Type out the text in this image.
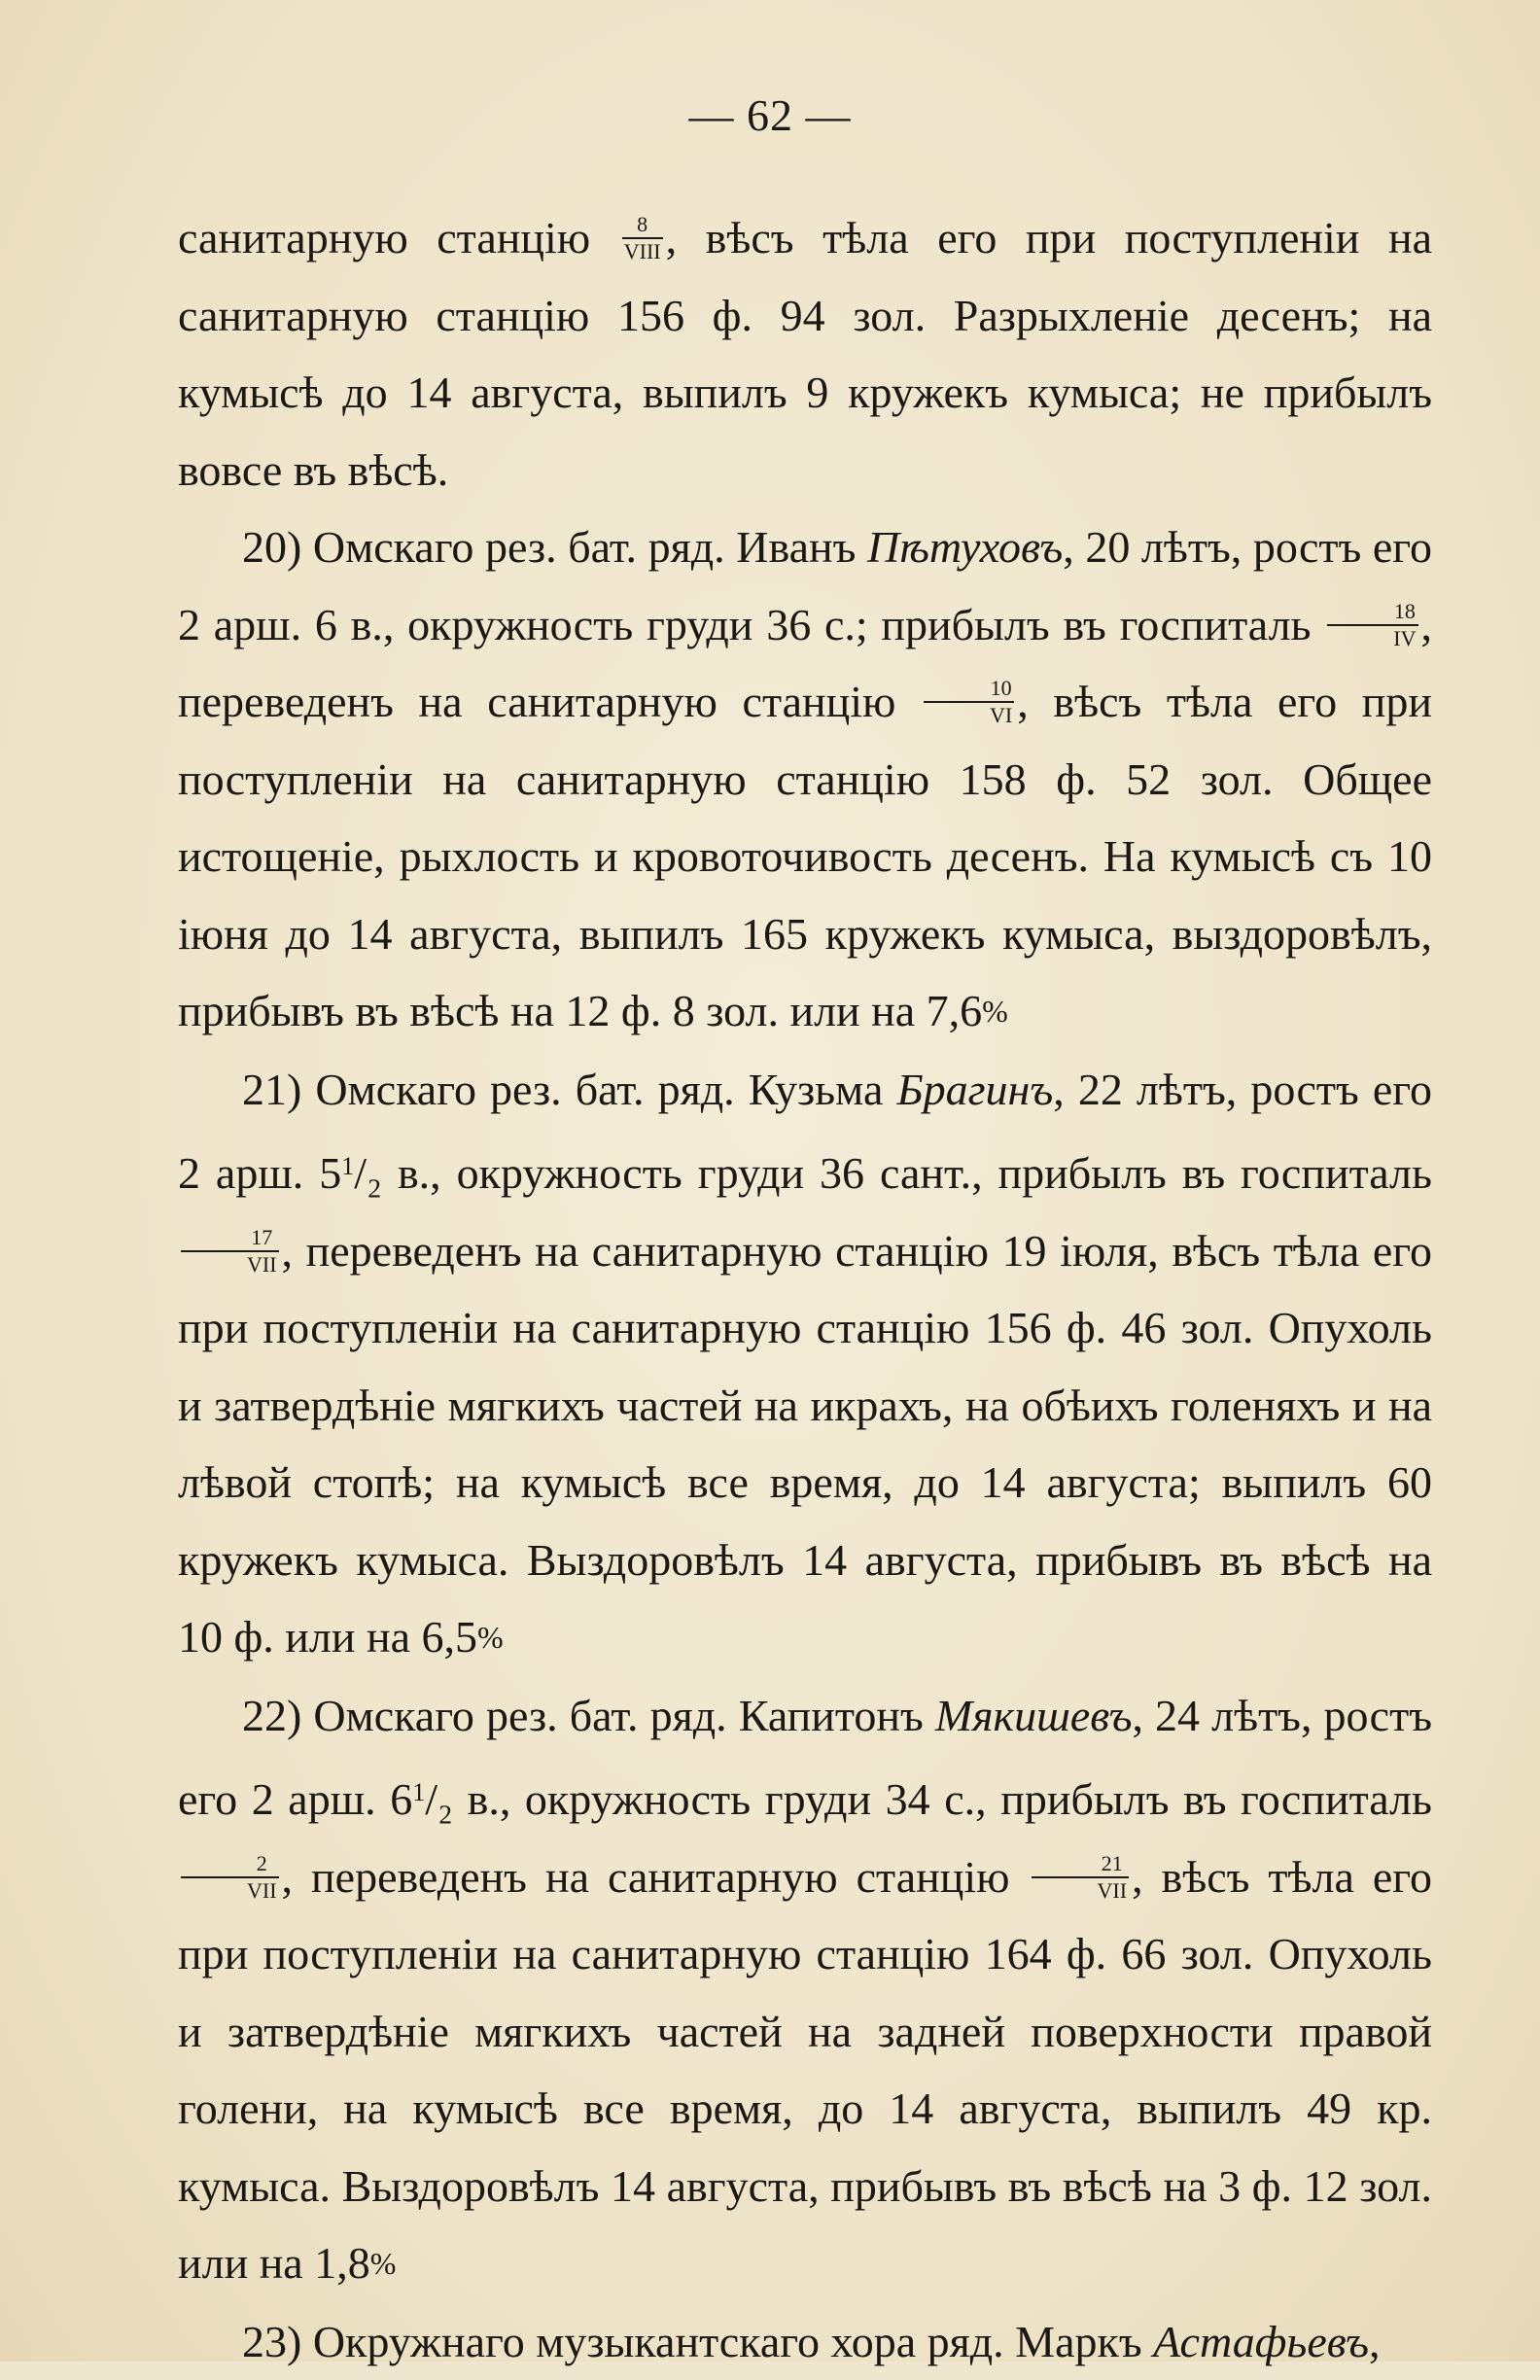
— 62 —

санитарную станцію $\frac{8}{\text{VIII}}$ , вѣсъ тѣла его при поступленіи на санитарную станцію 156 ф. 94 зол. Разрыхленіе десенъ; на кумысѣ до 14 августа, выпилъ 9 кружекъ кумыса; не прибылъ вовсе въ вѣсѣ.

20) Омскаго рез. бат. ряд. Иванъ Пѣтуховъ, 20 лѣтъ, ростъ его 2 арш. 6 в., окружность груди 36 с.; прибылъ въ госпиталь $\frac{18}{IV}$ , переведенъ на санитарную станцію $\frac{10}{VI}$ , вѣсъ тѣла его при поступленіи на санитарную станцію 158 ф. 52 зол. Общее истощеніе, рыхлость и кровоточивость десенъ. На кумысѣ съ 10 іюня до 14 августа, выпилъ 165 кружекъ кумыса, выздоровѣлъ, прибывъ въ вѣсѣ на 12 ф. 8 зол. или на 7,6%

21) Омскаго рез. бат. ряд. Кузьма Брагинъ, 22 лѣтъ, ростъ его 2 арш. $5^1/_2$ в., окружность груди 36 сант., прибылъ въ госпиталь
$\frac{17}{\text{VII}}$ , переведенъ на санитарную станцію 19 іюля, вѣсъ тѣла его при поступленіи на санитарную станцію 156 ф. 46 зол. Опухоль и затвердѣніе мягкихъ частей на икрахъ, на обѣихъ голеняхъ и на лѣвой стопѣ; на кумысѣ все время, до 14 августа; выпилъ 60 кружекъ кумыса. Выздоровѣлъ 14 августа, прибывъ въ вѣсѣ на 10 ф. или на 6,5%

22) Омскаго рез. бат. ряд. Капитонъ Мякишевъ, 24 лѣтъ, ростъ его 2 арш. $6^1/_2$ в., окружность груди 34 с., прибылъ въ госпиталь
$\frac{2}{\text{VII}}$ , переведенъ на санитарную станцію $\frac{21}{\text{VII}}$ , вѣсъ тѣла его при поступленіи на санитарную станцію 164 ф. 66 зол. Опухоль и затвердѣніе мягкихъ частей на задней поверхности правой голени, на кумысѣ все время, до 14 августа, выпилъ 49 кр. кумыса. Выздоровѣлъ 14 августа, прибывъ въ вѣсѣ на 3 ф. 12 зол. или на 1,8%

23) Окружнаго музыкантскаго хора ряд. Маркъ Астафьевъ,
